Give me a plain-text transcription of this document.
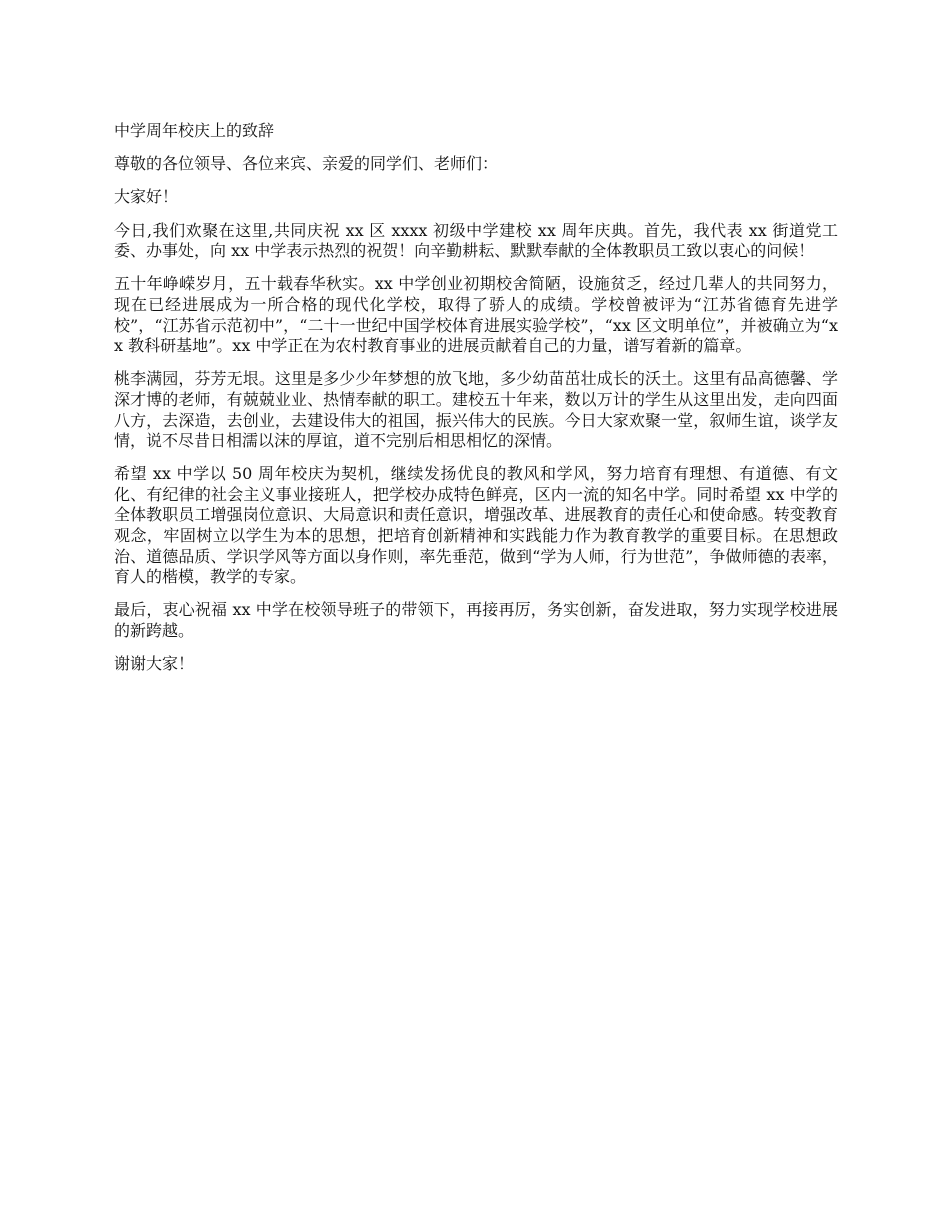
中学周年校庆上的致辞

尊敬的各位领导、各位来宾、亲爱的同学们、老师们：

大家好！

今日,我们欢聚在这里,共同庆祝 xx 区 xxxx 初级中学建校 xx 周年庆典。首先，我代表 xx 街道党工委、办事处，向 xx 中学表示热烈的祝贺！向辛勤耕耘、默默奉献的全体教职员工致以衷心的问候！

五十年峥嵘岁月，五十载春华秋实。xx 中学创业初期校舍简陋，设施贫乏，经过几辈人的共同努力，现在已经进展成为一所合格的现代化学校，取得了骄人的成绩。学校曾被评为“江苏省德育先进学校”，“江苏省示范初中”，“二十一世纪中国学校体育进展实验学校”，“xx 区文明单位”，并被确立为“xx 教科研基地”。xx 中学正在为农村教育事业的进展贡献着自己的力量，谱写着新的篇章。

桃李满园，芬芳无垠。这里是多少少年梦想的放飞地，多少幼苗茁壮成长的沃土。这里有品高德馨、学深才博的老师，有兢兢业业、热情奉献的职工。建校五十年来，数以万计的学生从这里出发，走向四面八方，去深造，去创业，去建设伟大的祖国，振兴伟大的民族。今日大家欢聚一堂，叙师生谊，谈学友情，说不尽昔日相濡以沫的厚谊，道不完别后相思相忆的深情。

希望 xx 中学以 50 周年校庆为契机，继续发扬优良的教风和学风，努力培育有理想、有道德、有文化、有纪律的社会主义事业接班人，把学校办成特色鲜亮，区内一流的知名中学。同时希望 xx 中学的全体教职员工增强岗位意识、大局意识和责任意识，增强改革、进展教育的责任心和使命感。转变教育观念，牢固树立以学生为本的思想，把培育创新精神和实践能力作为教育教学的重要目标。在思想政治、道德品质、学识学风等方面以身作则，率先垂范，做到“学为人师，行为世范”，争做师德的表率，育人的楷模，教学的专家。

最后，衷心祝福 xx 中学在校领导班子的带领下，再接再厉，务实创新，奋发进取，努力实现学校进展的新跨越。

谢谢大家！
